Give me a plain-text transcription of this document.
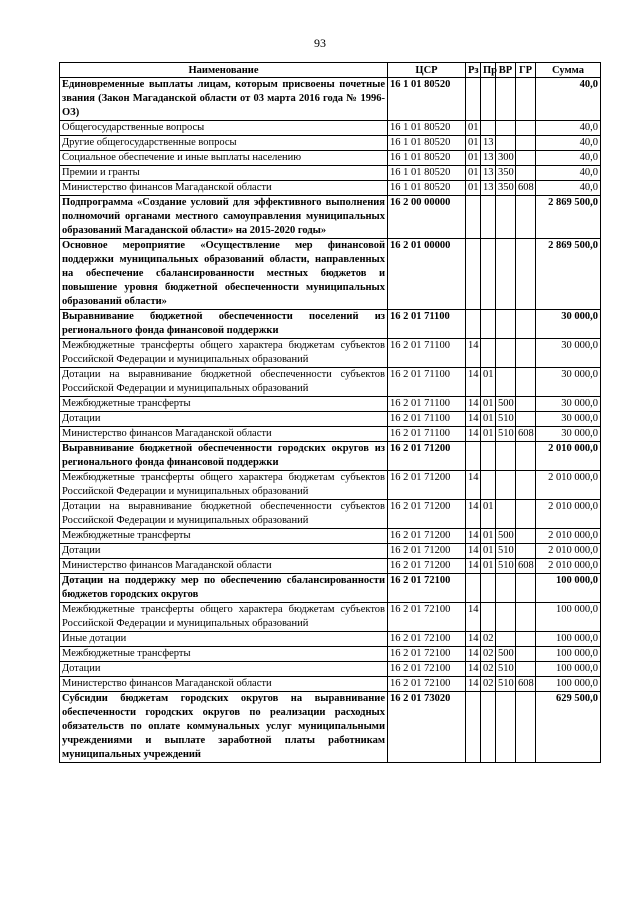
93
Наименование	ЦСР	Рз	Пр	ВР	ГР	Сумма
Единовременные выплаты лицам, которым присвоены почетные звания (Закон Магаданской области от 03 марта 2016 года № 1996-ОЗ)	16 1 01 80520					40,0
Общегосударственные вопросы	16 1 01 80520	01				40,0
Другие общегосударственные вопросы	16 1 01 80520	01	13			40,0
Социальное обеспечение и иные выплаты населению	16 1 01 80520	01	13	300		40,0
Премии и гранты	16 1 01 80520	01	13	350		40,0
Министерство финансов Магаданской области	16 1 01 80520	01	13	350	608	40,0
Подпрограмма «Создание условий для эффективного выполнения полномочий органами местного самоуправления муниципальных образований Магаданской области» на 2015-2020 годы»	16 2 00 00000					2 869 500,0
Основное мероприятие «Осуществление мер финансовой поддержки муниципальных образований области, направленных на обеспечение сбалансированности местных бюджетов и повышение уровня бюджетной обеспеченности муниципальных образований области»	16 2 01 00000					2 869 500,0
Выравнивание бюджетной обеспеченности поселений из регионального фонда финансовой поддержки	16 2 01 71100					30 000,0
Межбюджетные трансферты общего характера бюджетам субъектов Российской Федерации и муниципальных образований	16 2 01 71100	14				30 000,0
Дотации на выравнивание бюджетной обеспеченности субъектов Российской Федерации и муниципальных образований	16 2 01 71100	14	01			30 000,0
Межбюджетные трансферты	16 2 01 71100	14	01	500		30 000,0
Дотации	16 2 01 71100	14	01	510		30 000,0
Министерство финансов Магаданской области	16 2 01 71100	14	01	510	608	30 000,0
Выравнивание бюджетной обеспеченности городских округов из регионального фонда финансовой поддержки	16 2 01 71200					2 010 000,0
Межбюджетные трансферты общего характера бюджетам субъектов Российской Федерации и муниципальных образований	16 2 01 71200	14				2 010 000,0
Дотации на выравнивание бюджетной обеспеченности субъектов Российской Федерации и муниципальных образований	16 2 01 71200	14	01			2 010 000,0
Межбюджетные трансферты	16 2 01 71200	14	01	500		2 010 000,0
Дотации	16 2 01 71200	14	01	510		2 010 000,0
Министерство финансов Магаданской области	16 2 01 71200	14	01	510	608	2 010 000,0
Дотации на поддержку мер по обеспечению сбалансированности бюджетов городских округов	16 2 01 72100					100 000,0
Межбюджетные трансферты общего характера бюджетам субъектов Российской Федерации и муниципальных образований	16 2 01 72100	14				100 000,0
Иные дотации	16 2 01 72100	14	02			100 000,0
Межбюджетные трансферты	16 2 01 72100	14	02	500		100 000,0
Дотации	16 2 01 72100	14	02	510		100 000,0
Министерство финансов Магаданской области	16 2 01 72100	14	02	510	608	100 000,0
Субсидии бюджетам городских округов на выравнивание обеспеченности городских округов по реализации расходных обязательств по оплате коммунальных услуг муниципальными учреждениями и выплате заработной платы работникам муниципальных учреждений	16 2 01 73020					629 500,0
